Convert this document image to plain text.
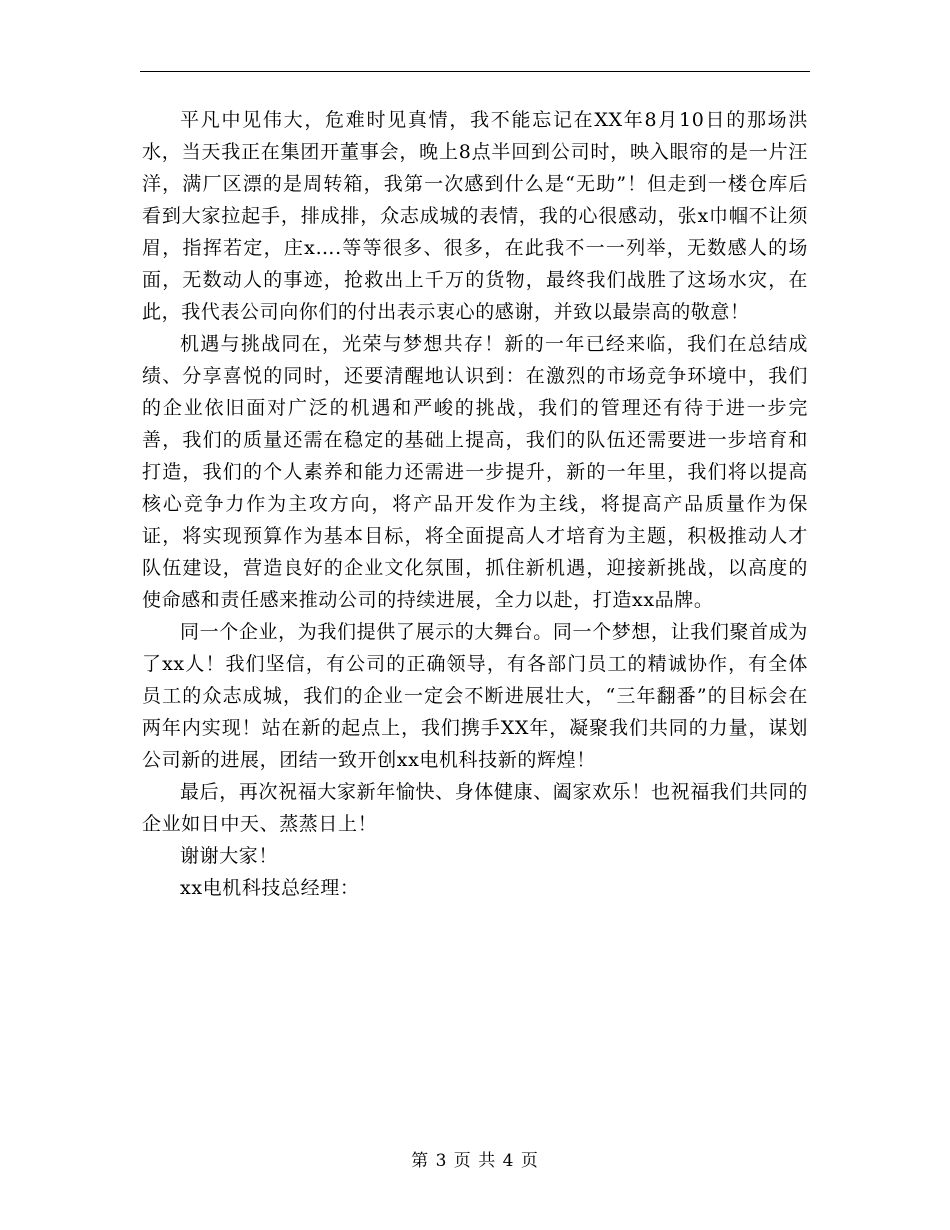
平凡中见伟大，危难时见真情，我不能忘记在XX年8月10日的那场洪水，当天我正在集团开董事会，晚上8点半回到公司时，映入眼帘的是一片汪洋，满厂区漂的是周转箱，我第一次感到什么是“无助”！但走到一楼仓库后看到大家拉起手，排成排，众志成城的表情，我的心很感动，张x巾帼不让须眉，指挥若定，庄x….等等很多、很多，在此我不一一列举，无数感人的场面，无数动人的事迹，抢救出上千万的货物，最终我们战胜了这场水灾，在此，我代表公司向你们的付出表示衷心的感谢，并致以最崇高的敬意！

机遇与挑战同在，光荣与梦想共存！新的一年已经来临，我们在总结成绩、分享喜悦的同时，还要清醒地认识到：在激烈的市场竞争环境中，我们的企业依旧面对广泛的机遇和严峻的挑战，我们的管理还有待于进一步完善，我们的质量还需在稳定的基础上提高，我们的队伍还需要进一步培育和打造，我们的个人素养和能力还需进一步提升，新的一年里，我们将以提高核心竞争力作为主攻方向，将产品开发作为主线，将提高产品质量作为保证，将实现预算作为基本目标，将全面提高人才培育为主题，积极推动人才队伍建设，营造良好的企业文化氛围，抓住新机遇，迎接新挑战，以高度的使命感和责任感来推动公司的持续进展，全力以赴，打造xx品牌。

同一个企业，为我们提供了展示的大舞台。同一个梦想，让我们聚首成为了xx人！我们坚信，有公司的正确领导，有各部门员工的精诚协作，有全体员工的众志成城，我们的企业一定会不断进展壮大，“三年翻番”的目标会在两年内实现！站在新的起点上，我们携手XX年，凝聚我们共同的力量，谋划公司新的进展，团结一致开创xx电机科技新的辉煌！

最后，再次祝福大家新年愉快、身体健康、阖家欢乐！也祝福我们共同的企业如日中天、蒸蒸日上！

谢谢大家！

xx电机科技总经理：

第 3 页 共 4 页
